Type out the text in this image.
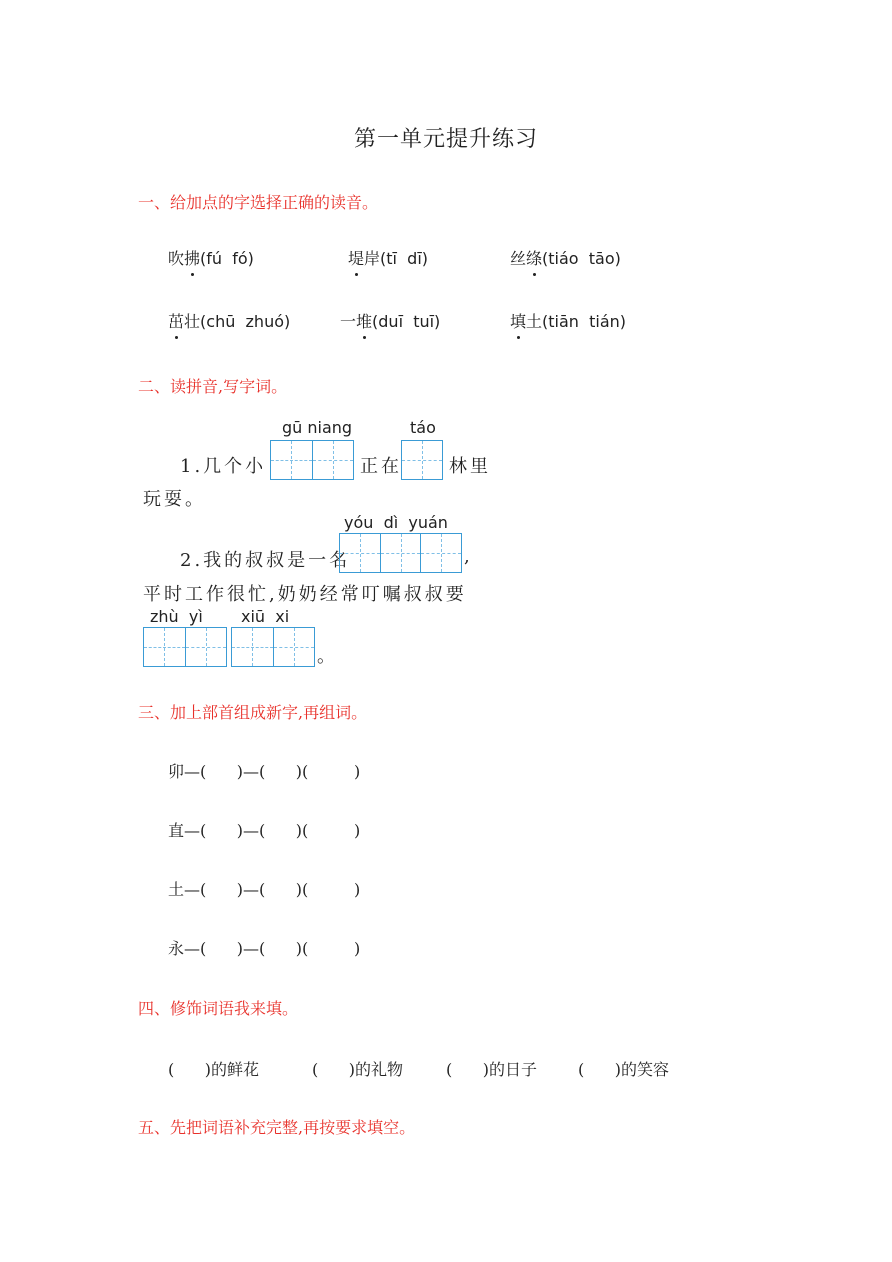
第一单元提升练习
一、给加点的字选择正确的读音。
吹拂(fú  fó)	堤岸(tī  dī)	丝绦(tiáo  tāo)
茁壮(chū  zhuó)	一堆(duī  tuī)	填土(tiān  tián)
二、读拼音,写字词。
gū niang	táo
1.几个小	正在	林里
玩耍。
yóu  dì  yuán
2.我的叔叔是一名	,
平时工作很忙,奶奶经常叮嘱叔叔要
zhù  yì xiū  xi
。
三、加上部首组成新字,再组词。
卯—(      )—(      )(         )
直—(      )—(      )(         )
土—(      )—(      )(         )
永—(      )—(      )(         )
四、修饰词语我来填。
(      )的鲜花	(      )的礼物	(      )的日子	(      )的笑容
五、先把词语补充完整,再按要求填空。
